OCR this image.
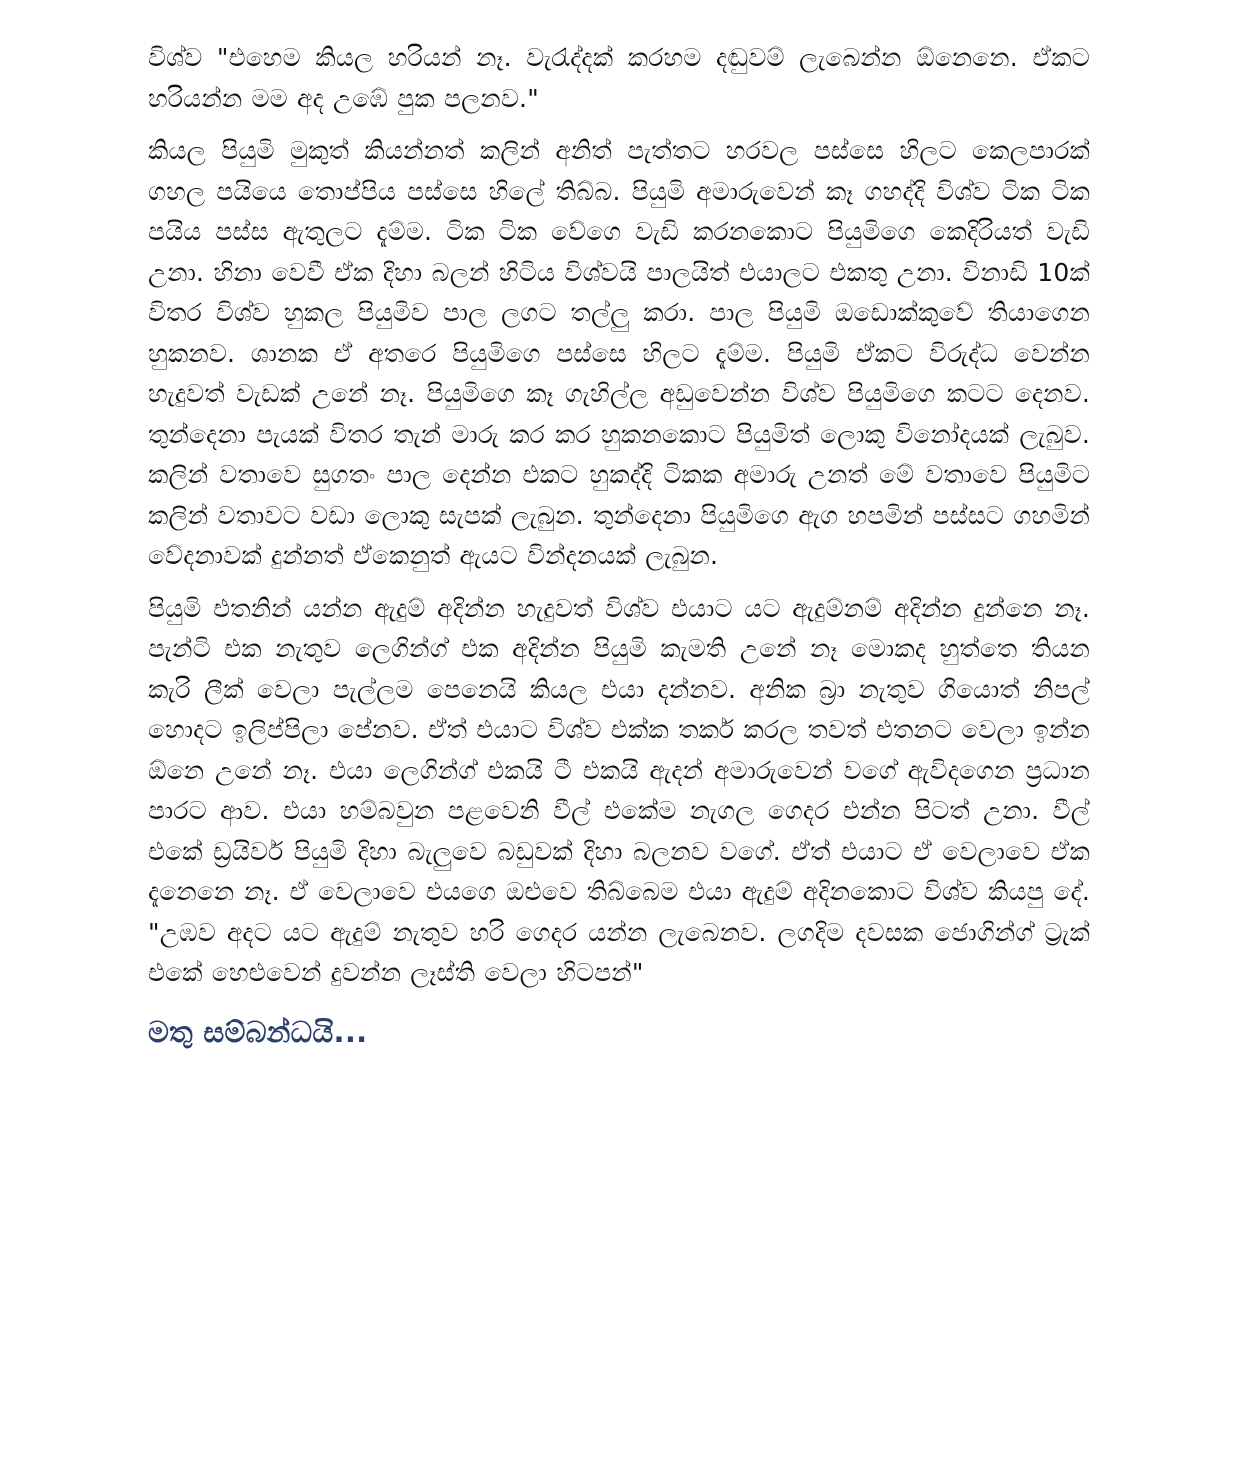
විශ්ව "එහෙම කියල හරියන් නෑ. වැරැද්දක් කරහම දඬුවම් ලැබෙන්න ඕනෙනෙ. ඒකට හරියන්න මම අද උඹේ පුක පලනව."

කියල පියුමි මුකුත් කියන්නත් කලින් අනිත් පැත්තට හරවල පස්සෙ හිලට කෙලපාරක් ගහල පයියෙ තොප්පිය පස්සෙ හිලේ තිබ්බ. පියුමි අමාරුවෙන් කෑ ගහද්දි විශ්ව ටික ටික පයිය පස්ස ඇතුලට දැම්ම. ටික ටික වේගෙ වැඩි කරනකොට පියුමිගෙ කෙදිරියත් වැඩි උනා. හිනා වෙවී ඒක දිහා බලන් හිටිය විශ්වයි පාලයිත් එයාලට එකතු උනා. විනාඩි 10ක් විතර විශ්ව හුකල පියුමිව පාල ලගට තල්ලු කරා. පාල පියුමි ඔඩොක්කුවේ තියාගෙන හුකනව. ශානක ඒ අතරෙ පියුමිගෙ පස්සෙ හිලට දැම්ම. පියුමි ඒකට විරුද්ධ වෙන්න හැදුවත් වැඩක් උනේ නෑ. පියුමිගෙ කෑ ගැහිල්ල අඩුවෙන්න විශ්ව පියුමිගෙ කටට දෙනව. තුන්දෙනා පැයක් විතර තැන් මාරු කර කර හුකනකොට පියුමිත් ලොකු විනෝදයක් ලැබුව. කලින් වතාවෙ සුගතං පාල දෙන්න එකට හුකද්දි ටිකක අමාරු උනත් මේ වතාවෙ පියුමිට කලින් වතාවට වඩා ලොකු සැපක් ලැබුන. තුන්දෙනා පියුමිගෙ ඇග හපමින් පස්සට ගහමින් වේදනාවක් දුන්නත් ඒකෙනුත් ඇයට වින්දනයක් ලැබුන.

පියුමි එතනින් යන්න ඇදුම් අදින්න හැදුවත් විශ්ව එයාට යට ඇදුම්නම් අදින්න දුන්නෙ නෑ. පැන්ටි එක නැතුව ලෙගින්ග් එක අදින්න පියුමි කැමති උනේ නෑ මොකද හුත්තෙ තියන කැරි ලීක් වෙලා පැල්ලම පෙනෙයි කියල එයා දන්නව. අනික බ්‍රා නැතුව ගියොත් නිපල් හොදට ඉලිප්පිලා පේනව. ඒත් එයාට විශ්ව එක්ක තර්ක කරල තවත් එතනට වෙලා ඉන්න ඕනෙ උනේ නෑ. එයා ලෙගින්ග් එකයි ටී එකයි ඇදන් අමාරුවෙන් වගේ ඇවිදගෙන ප්‍රධාන පාරට ආව. එයා හම්බවුන පළවෙනි වීල් එකේම නැගල ගෙදර එන්න පිටත් උනා. වීල් එකේ ඩ්‍රයිවර් පියුමි දිහා බැලුවෙ බඩුවක් දිහා බලනව වගේ. ඒත් එයාට ඒ වෙලාවෙ ඒක දැනෙනෙ නෑ. ඒ වෙලාවෙ එයගෙ ඔළුවෙ තිබ්බෙම එයා ඇදුම් අදිනකොට විශ්ව කියපු දේ. "උඹව අදට යට ඇදුම් නැතුව හරි ගෙදර යන්න ලැබෙනව. ලගදිම දවසක ජොගින්ග් ට්‍රැක් එකේ හෙළුවෙන් දුවන්න ලෑස්ති වෙලා හිටපන්"

මතු සම්බන්ධයි...
